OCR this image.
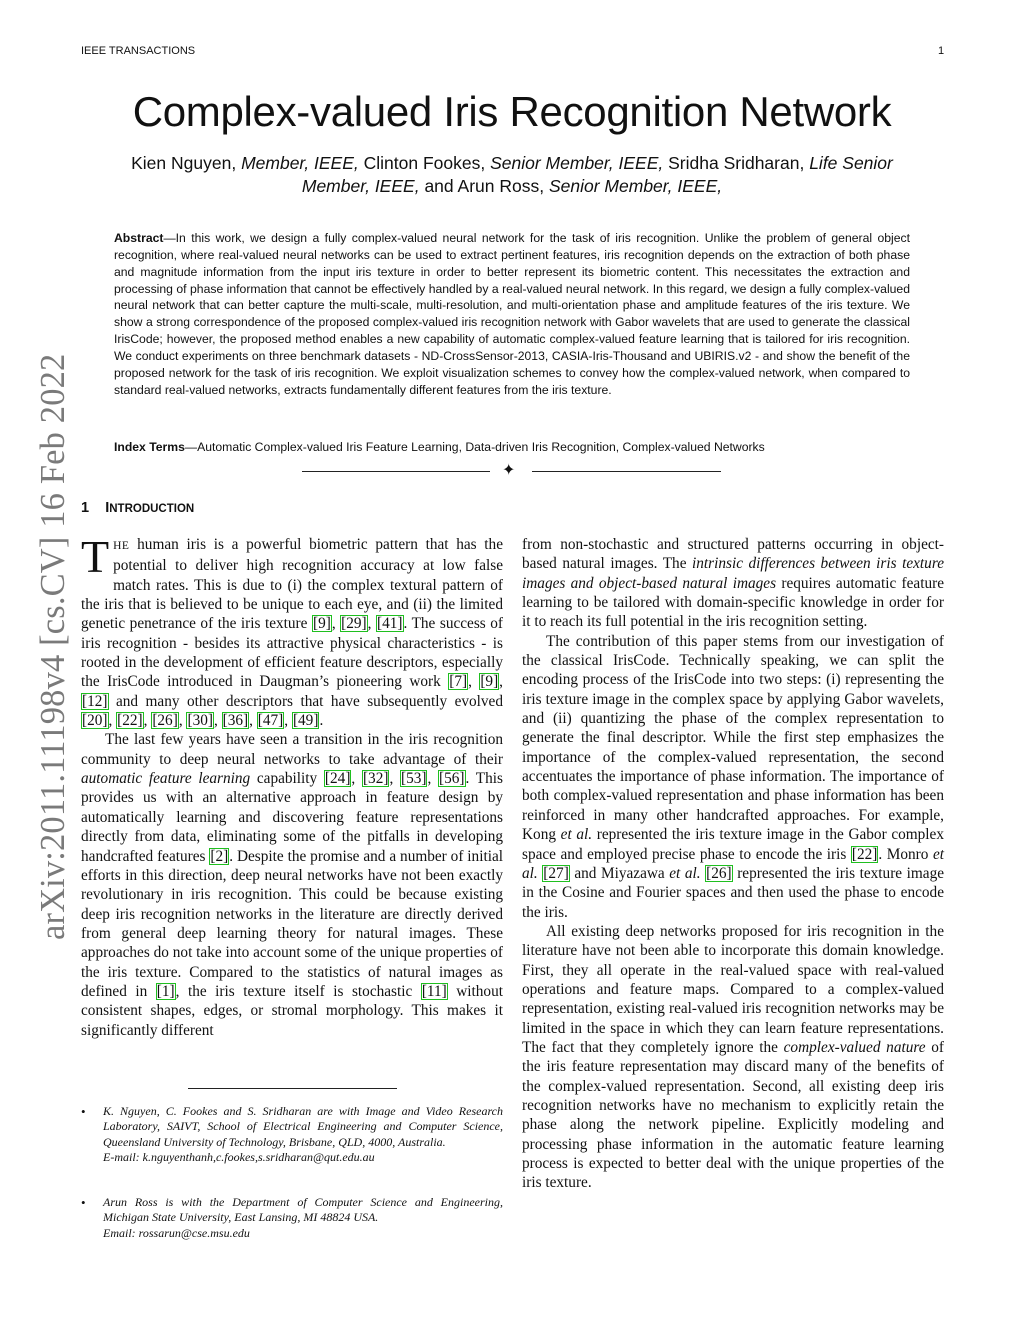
IEEE TRANSACTIONS	1
arXiv:2011.11198v4 [cs.CV] 16 Feb 2022
Complex-valued Iris Recognition Network
Kien Nguyen, Member, IEEE, Clinton Fookes, Senior Member, IEEE, Sridha Sridharan, Life Senior Member, IEEE, and Arun Ross, Senior Member, IEEE,
Abstract—In this work, we design a fully complex-valued neural network for the task of iris recognition. Unlike the problem of general object recognition, where real-valued neural networks can be used to extract pertinent features, iris recognition depends on the extraction of both phase and magnitude information from the input iris texture in order to better represent its biometric content. This necessitates the extraction and processing of phase information that cannot be effectively handled by a real-valued neural network. In this regard, we design a fully complex-valued neural network that can better capture the multi-scale, multi-resolution, and multi-orientation phase and amplitude features of the iris texture. We show a strong correspondence of the proposed complex-valued iris recognition network with Gabor wavelets that are used to generate the classical IrisCode; however, the proposed method enables a new capability of automatic complex-valued feature learning that is tailored for iris recognition. We conduct experiments on three benchmark datasets - ND-CrossSensor-2013, CASIA-Iris-Thousand and UBIRIS.v2 - and show the benefit of the proposed network for the task of iris recognition. We exploit visualization schemes to convey how the complex-valued network, when compared to standard real-valued networks, extracts fundamentally different features from the iris texture.
Index Terms—Automatic Complex-valued Iris Feature Learning, Data-driven Iris Recognition, Complex-valued Networks
✦
1 INTRODUCTION

THE human iris is a powerful biometric pattern that has the potential to deliver high recognition accuracy at low false match rates. This is due to (i) the complex textural pattern of the iris that is believed to be unique to each eye, and (ii) the limited genetic penetrance of the iris texture [9], [29], [41]. The success of iris recognition - besides its attractive physical characteristics - is rooted in the development of efficient feature descriptors, especially the IrisCode introduced in Daugman’s pioneering work [7], [9], [12] and many other descriptors that have subsequently evolved [20], [22], [26], [30], [36], [47], [49].

The last few years have seen a transition in the iris recognition community to deep neural networks to take advantage of their automatic feature learning capability [24], [32], [53], [56]. This provides us with an alternative approach in feature design by automatically learning and discovering feature representations directly from data, eliminating some of the pitfalls in developing handcrafted features [2]. Despite the promise and a number of initial efforts in this direction, deep neural networks have not been exactly revolutionary in iris recognition. This could be because existing deep iris recognition networks in the literature are directly derived from general deep learning theory for natural images. These approaches do not take into account some of the unique properties of the iris texture. Compared to the statistics of natural images as defined in [1], the iris texture itself is stochastic [11] without consistent shapes, edges, or stromal morphology. This makes it significantly different

from non-stochastic and structured patterns occurring in object-based natural images. The intrinsic differences between iris texture images and object-based natural images requires automatic feature learning to be tailored with domain-specific knowledge in order for it to reach its full potential in the iris recognition setting.

The contribution of this paper stems from our investigation of the classical IrisCode. Technically speaking, we can split the encoding process of the IrisCode into two steps: (i) representing the iris texture image in the complex space by applying Gabor wavelets, and (ii) quantizing the phase of the complex representation to generate the final descriptor. While the first step emphasizes the importance of the complex-valued representation, the second accentuates the importance of phase information. The importance of both complex-valued representation and phase information has been reinforced in many other handcrafted approaches. For example, Kong et al. represented the iris texture image in the Gabor complex space and employed precise phase to encode the iris [22]. Monro et al. [27] and Miyazawa et al. [26] represented the iris texture image in the Cosine and Fourier spaces and then used the phase to encode the iris.

All existing deep networks proposed for iris recognition in the literature have not been able to incorporate this domain knowledge. First, they all operate in the real-valued space with real-valued operations and feature maps. Compared to a complex-valued representation, existing real-valued iris recognition networks may be limited in the space in which they can learn feature representations. The fact that they completely ignore the complex-valued nature of the iris feature representation may discard many of the benefits of the complex-valued representation. Second, all existing deep iris recognition networks have no mechanism to explicitly retain the phase along the network pipeline. Explicitly modeling and processing phase information in the automatic feature learning process is expected to better deal with the unique properties of the iris texture.

• K. Nguyen, C. Fookes and S. Sridharan are with Image and Video Research Laboratory, SAIVT, School of Electrical Engineering and Computer Science, Queensland University of Technology, Brisbane, QLD, 4000, Australia.
E-mail: k.nguyenthanh,c.fookes,s.sridharan@qut.edu.au
• Arun Ross is with the Department of Computer Science and Engineering, Michigan State University, East Lansing, MI 48824 USA.
Email: rossarun@cse.msu.edu
